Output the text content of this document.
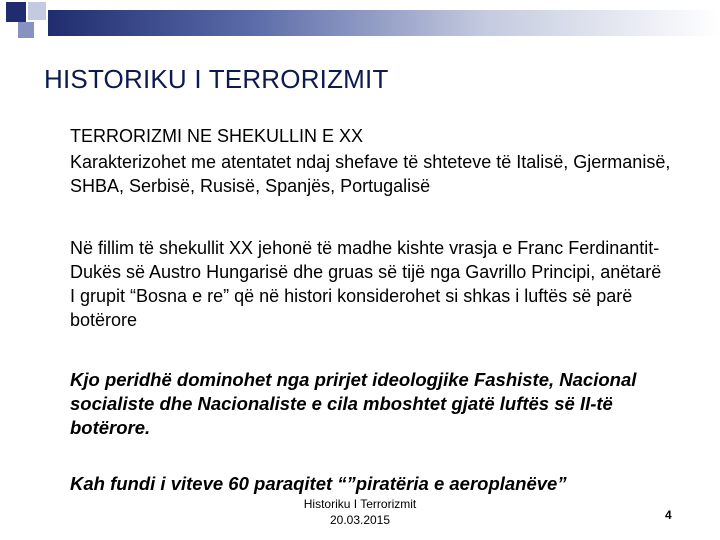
HISTORIKU I TERRORIZMIT

TERRORIZMI NE SHEKULLIN E XX

Karakterizohet me atentatet ndaj shefave të shteteve të Italisë, Gjermanisë, SHBA, Serbisë, Rusisë, Spanjës, Portugalisë

Në fillim të shekullit XX jehonë të madhe kishte vrasja e Franc Ferdinantit-Dukës së Austro Hungarisë dhe gruas së tijë nga Gavrillo Principi, anëtarë I grupit “Bosna e re” që në histori konsiderohet si shkas i luftës së parë botërore

Kjo peridhë dominohet nga prirjet ideologjike Fashiste, Nacional socialiste dhe Nacionaliste e cila mboshtet gjatë luftës së II-të botërore.

Kah fundi i viteve 60 paraqitet “”piratëria e aeroplanëve”

Historiku I Terrorizmit
20.03.2015	4
